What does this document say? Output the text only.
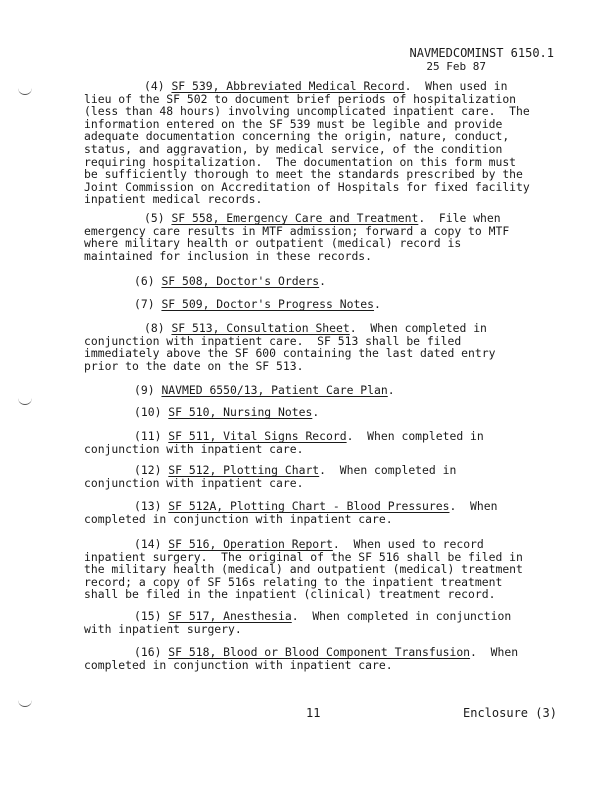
NAVMEDCOMINST 6150.1
25 Feb 87
(4) SF 539, Abbreviated Medical Record.  When used in
lieu of the SF 502 to document brief periods of hospitalization
(less than 48 hours) involving uncomplicated inpatient care.  The
information entered on the SF 539 must be legible and provide
adequate documentation concerning the origin, nature, conduct,
status, and aggravation, by medical service, of the condition
requiring hospitalization.  The documentation on this form must
be sufficiently thorough to meet the standards prescribed by the
Joint Commission on Accreditation of Hospitals for fixed facility
inpatient medical records.
(5) SF 558, Emergency Care and Treatment.  File when
emergency care results in MTF admission; forward a copy to MTF
where military health or outpatient (medical) record is
maintained for inclusion in these records.
(6) SF 508, Doctor's Orders.
(7) SF 509, Doctor's Progress Notes.
(8) SF 513, Consultation Sheet.  When completed in
conjunction with inpatient care.  SF 513 shall be filed
immediately above the SF 600 containing the last dated entry
prior to the date on the SF 513.
(9) NAVMED 6550/13, Patient Care Plan.
(10) SF 510, Nursing Notes.
(11) SF 511, Vital Signs Record.  When completed in
conjunction with inpatient care.
(12) SF 512, Plotting Chart.  When completed in
conjunction with inpatient care.
(13) SF 512A, Plotting Chart - Blood Pressures.  When
completed in conjunction with inpatient care.
(14) SF 516, Operation Report.  When used to record
inpatient surgery.  The original of the SF 516 shall be filed in
the military health (medical) and outpatient (medical) treatment
record; a copy of SF 516s relating to the inpatient treatment
shall be filed in the inpatient (clinical) treatment record.
(15) SF 517, Anesthesia.  When completed in conjunction
with inpatient surgery.
(16) SF 518, Blood or Blood Component Transfusion.  When
completed in conjunction with inpatient care.
11	Enclosure (3)
